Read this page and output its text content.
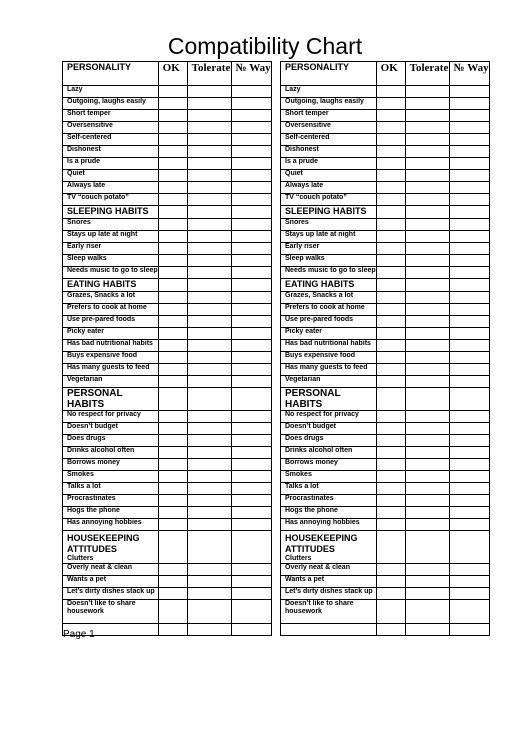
Compatibility Chart
PERSONALITY	OK	Tolerate	№ Way
Lazy			
Outgoing, laughs easily			
Short temper			
Oversensitive			
Self-centered			
Dishonest			
Is a prude			
Quiet			
Always late			
TV “couch potato”			
SLEEPING HABITS			
Snores			
Stays up late at night			
Early riser			
Sleep walks			
Needs music to go to sleep			
EATING HABITS			
Grazes, Snacks a lot			
Prefers to cook at home			
Use pre-pared foods			
Picky eater			
Has bad nutritional habits			
Buys expensive food			
Has many guests to feed			
Vegetarian			
PERSONAL HABITS			
No respect for privacy			
Doesn’t budget			
Does drugs			
Drinks alcohol often			
Borrows money			
Smokes			
Talks a lot			
Procrastinates			
Hogs the phone			
Has annoying hobbies			
HOUSEKEEPING ATTITUDES
Clutters			

Overly neat & clean			
Wants a pet			
Let’s dirty dishes stack up			
Doesn’t like to share housework			

PERSONALITY	OK	Tolerate	№ Way
Lazy			
Outgoing, laughs easily			
Short temper			
Oversensitive			
Self-centered			
Dishonest			
Is a prude			
Quiet			
Always late			
TV “couch potato”			
SLEEPING HABITS			
Snores			
Stays up late at night			
Early riser			
Sleep walks			
Needs music to go to sleep			
EATING HABITS			
Grazes, Snacks a lot			
Prefers to cook at home			
Use pre-pared foods			
Picky eater			
Has bad nutritional habits			
Buys expensive food			
Has many guests to feed			
Vegetarian			
PERSONAL HABITS			
No respect for privacy			
Doesn’t budget			
Does drugs			
Drinks alcohol often			
Borrows money			
Smokes			
Talks a lot			
Procrastinates			
Hogs the phone			
Has annoying hobbies			
HOUSEKEEPING ATTITUDES
Clutters			

Overly neat & clean			
Wants a pet			
Let’s dirty dishes stack up			
Doesn’t like to share housework			

Page 1
